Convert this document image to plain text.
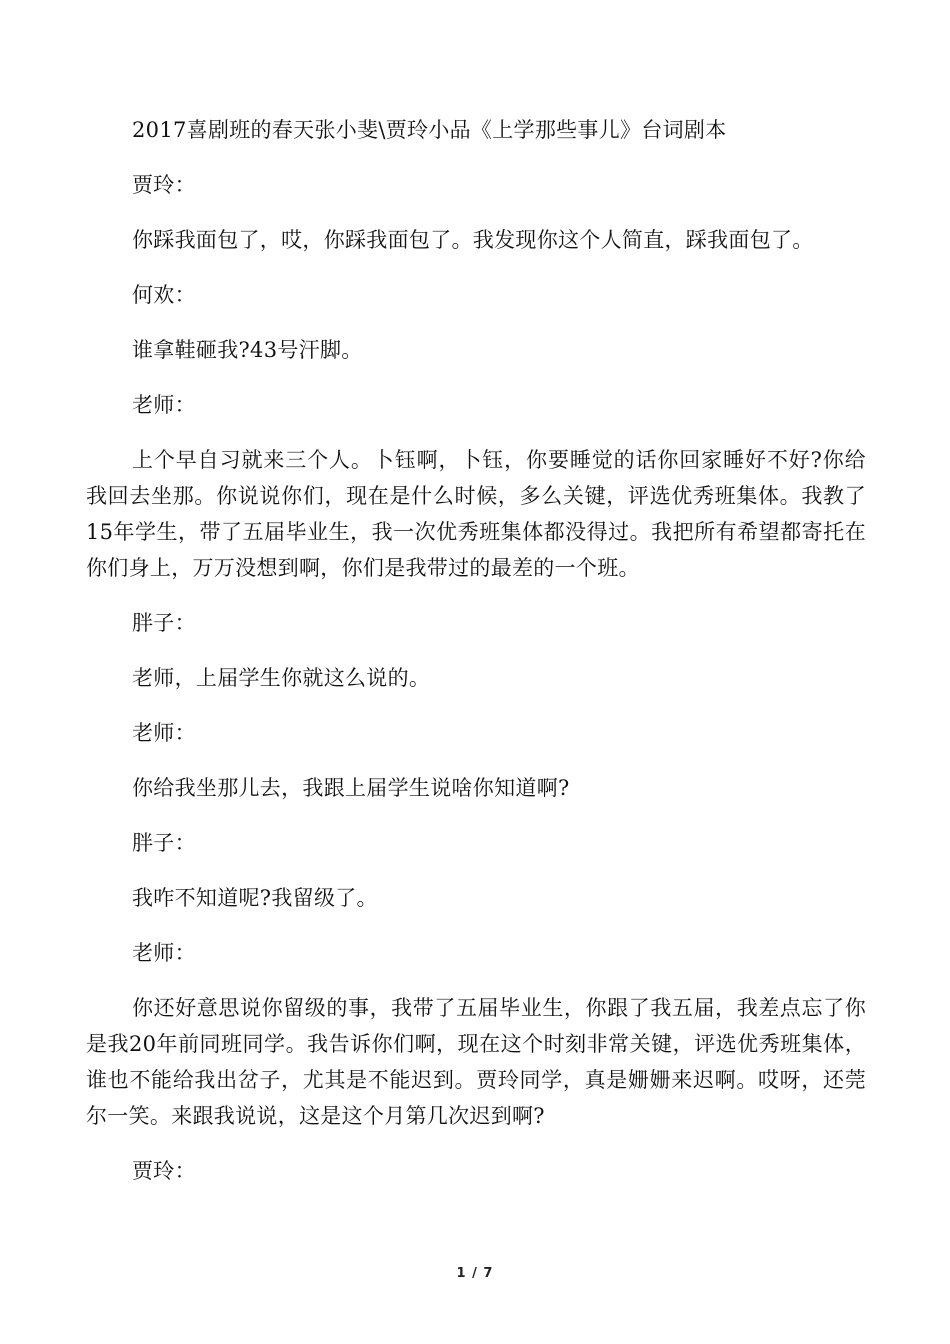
2017喜剧班的春天张小斐\贾玲小品《上学那些事儿》台词剧本

贾玲：

你踩我面包了，哎，你踩我面包了。我发现你这个人简直，踩我面包了。

何欢：

谁拿鞋砸我?43号汗脚。

老师：

上个早自习就来三个人。卜钰啊，卜钰，你要睡觉的话你回家睡好不好?你给我回去坐那。你说说你们，现在是什么时候，多么关键，评选优秀班集体。我教了15年学生，带了五届毕业生，我一次优秀班集体都没得过。我把所有希望都寄托在你们身上，万万没想到啊，你们是我带过的最差的一个班。

胖子：

老师，上届学生你就这么说的。

老师：

你给我坐那儿去，我跟上届学生说啥你知道啊?

胖子：

我咋不知道呢?我留级了。

老师：

你还好意思说你留级的事，我带了五届毕业生，你跟了我五届，我差点忘了你是我20年前同班同学。我告诉你们啊，现在这个时刻非常关键，评选优秀班集体，谁也不能给我出岔子，尤其是不能迟到。贾玲同学，真是姗姗来迟啊。哎呀，还莞尔一笑。来跟我说说，这是这个月第几次迟到啊?

贾玲：

1 / 7
